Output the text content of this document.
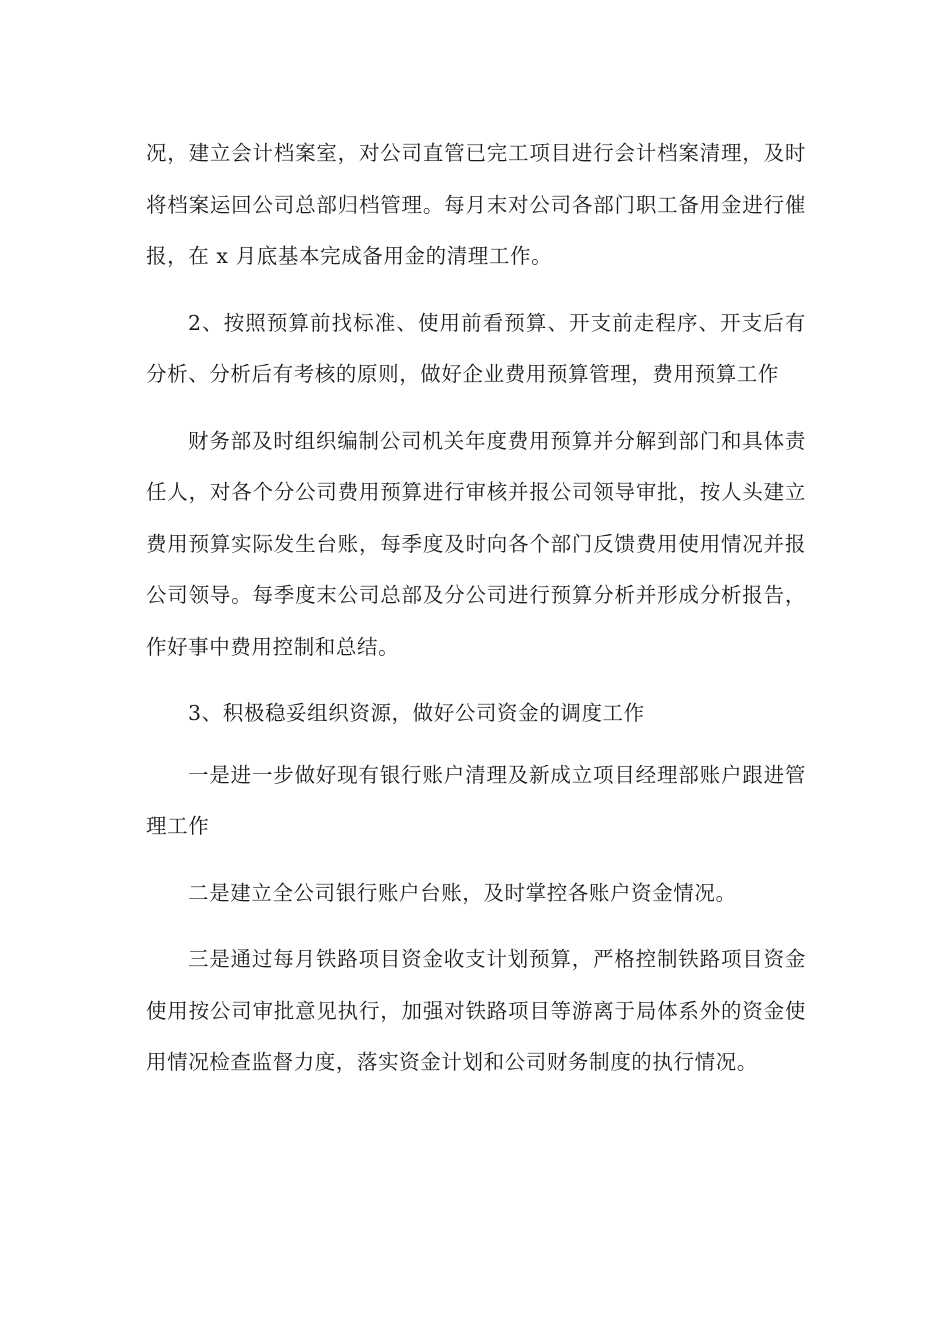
况，建立会计档案室，对公司直管已完工项目进行会计档案清理，及时将档案运回公司总部归档管理。每月末对公司各部门职工备用金进行催报，在 x 月底基本完成备用金的清理工作。

2、按照预算前找标准、使用前看预算、开支前走程序、开支后有分析、分析后有考核的原则，做好企业费用预算管理，费用预算工作

财务部及时组织编制公司机关年度费用预算并分解到部门和具体责任人，对各个分公司费用预算进行审核并报公司领导审批，按人头建立费用预算实际发生台账，每季度及时向各个部门反馈费用使用情况并报公司领导。每季度末公司总部及分公司进行预算分析并形成分析报告，作好事中费用控制和总结。

3、积极稳妥组织资源，做好公司资金的调度工作

一是进一步做好现有银行账户清理及新成立项目经理部账户跟进管理工作

二是建立全公司银行账户台账，及时掌控各账户资金情况。

三是通过每月铁路项目资金收支计划预算，严格控制铁路项目资金使用按公司审批意见执行，加强对铁路项目等游离于局体系外的资金使用情况检查监督力度，落实资金计划和公司财务制度的执行情况。
